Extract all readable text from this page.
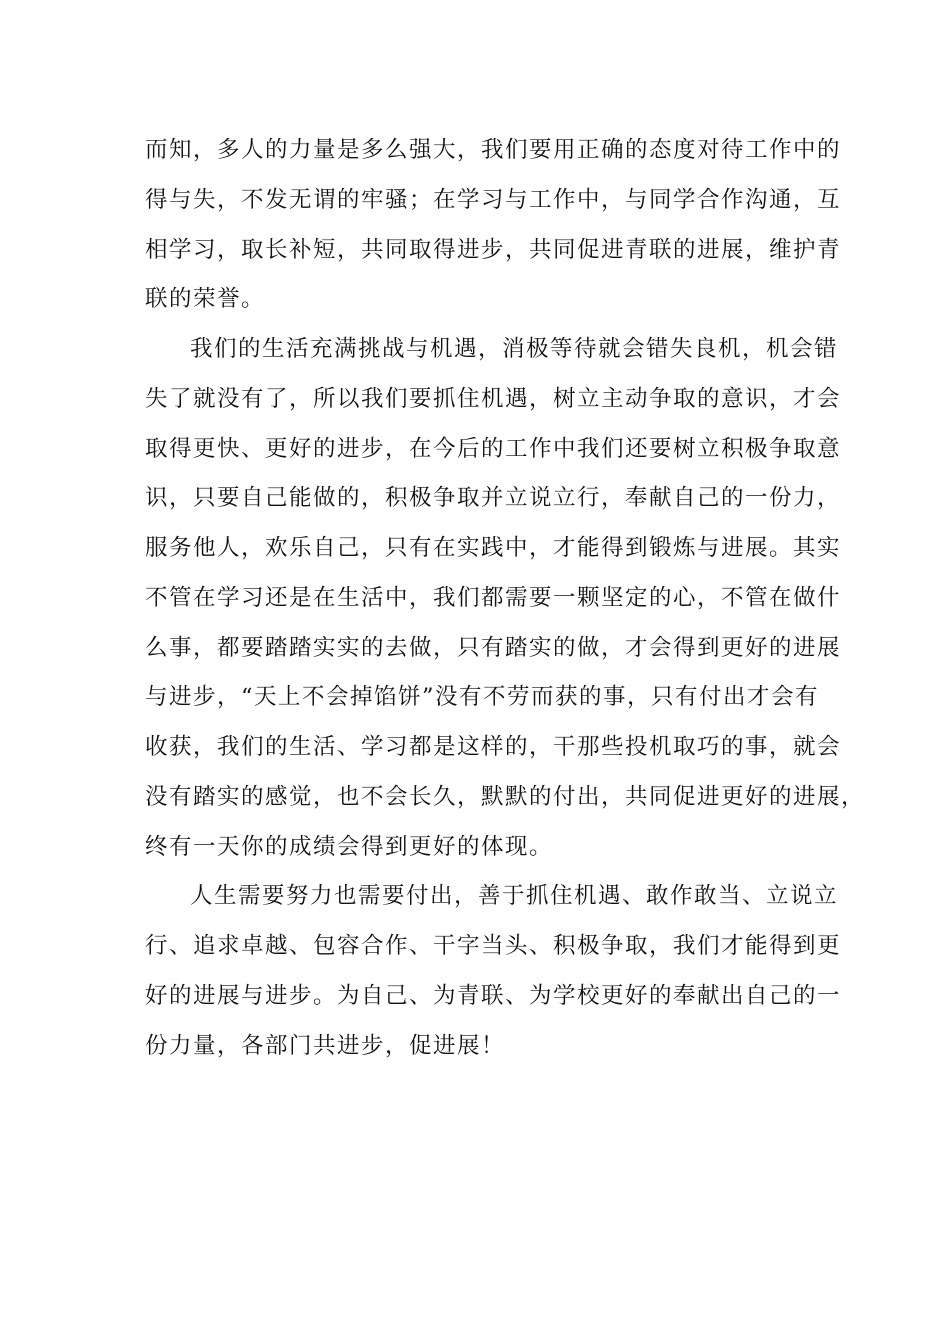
而知，多人的力量是多么强大，我们要用正确的态度对待工作中的
得与失，不发无谓的牢骚；在学习与工作中，与同学合作沟通，互
相学习，取长补短，共同取得进步，共同促进青联的进展，维护青
联的荣誉。
我们的生活充满挑战与机遇，消极等待就会错失良机，机会错
失了就没有了，所以我们要抓住机遇，树立主动争取的意识，才会
取得更快、更好的进步，在今后的工作中我们还要树立积极争取意
识，只要自己能做的，积极争取并立说立行，奉献自己的一份力，
服务他人，欢乐自己，只有在实践中，才能得到锻炼与进展。其实
不管在学习还是在生活中，我们都需要一颗坚定的心，不管在做什
么事，都要踏踏实实的去做，只有踏实的做，才会得到更好的进展
与进步，“天上不会掉馅饼”没有不劳而获的事，只有付出才会有
收获，我们的生活、学习都是这样的，干那些投机取巧的事，就会
没有踏实的感觉，也不会长久，默默的付出，共同促进更好的进展，
终有一天你的成绩会得到更好的体现。
人生需要努力也需要付出，善于抓住机遇、敢作敢当、立说立
行、追求卓越、包容合作、干字当头、积极争取，我们才能得到更
好的进展与进步。为自己、为青联、为学校更好的奉献出自己的一
份力量，各部门共进步，促进展！
